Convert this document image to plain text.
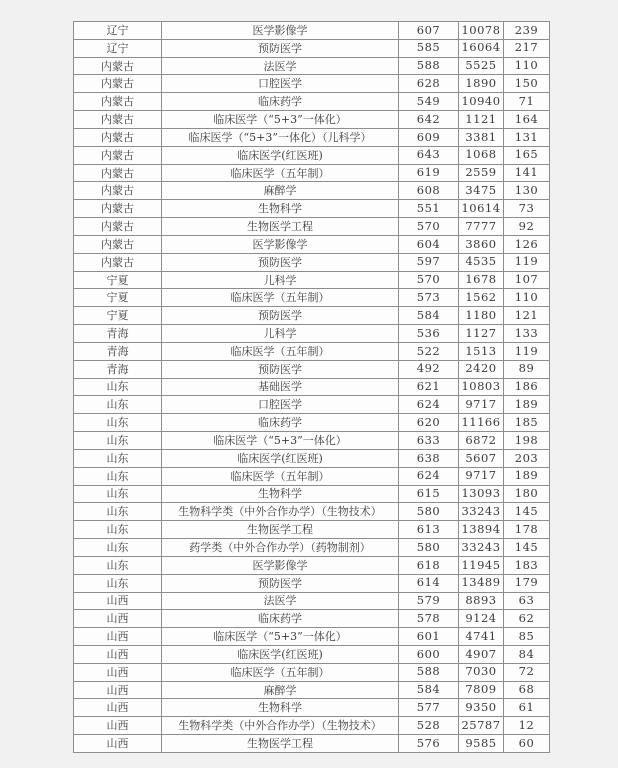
辽宁	医学影像学	607	10078	239
辽宁	预防医学	585	16064	217
内蒙古	法医学	588	5525	110
内蒙古	口腔医学	628	1890	150
内蒙古	临床药学	549	10940	71
内蒙古	临床医学（“5+3”一体化）	642	1121	164
内蒙古	临床医学（“5+3”一体化）（儿科学）	609	3381	131
内蒙古	临床医学(红医班)	643	1068	165
内蒙古	临床医学（五年制）	619	2559	141
内蒙古	麻醉学	608	3475	130
内蒙古	生物科学	551	10614	73
内蒙古	生物医学工程	570	7777	92
内蒙古	医学影像学	604	3860	126
内蒙古	预防医学	597	4535	119
宁夏	儿科学	570	1678	107
宁夏	临床医学（五年制）	573	1562	110
宁夏	预防医学	584	1180	121
青海	儿科学	536	1127	133
青海	临床医学（五年制）	522	1513	119
青海	预防医学	492	2420	89
山东	基础医学	621	10803	186
山东	口腔医学	624	9717	189
山东	临床药学	620	11166	185
山东	临床医学（“5+3”一体化）	633	6872	198
山东	临床医学(红医班)	638	5607	203
山东	临床医学（五年制）	624	9717	189
山东	生物科学	615	13093	180
山东	生物科学类（中外合作办学）（生物技术）	580	33243	145
山东	生物医学工程	613	13894	178
山东	药学类（中外合作办学）（药物制剂）	580	33243	145
山东	医学影像学	618	11945	183
山东	预防医学	614	13489	179
山西	法医学	579	8893	63
山西	临床药学	578	9124	62
山西	临床医学（“5+3”一体化）	601	4741	85
山西	临床医学(红医班)	600	4907	84
山西	临床医学（五年制）	588	7030	72
山西	麻醉学	584	7809	68
山西	生物科学	577	9350	61
山西	生物科学类（中外合作办学）（生物技术）	528	25787	12
山西	生物医学工程	576	9585	60
